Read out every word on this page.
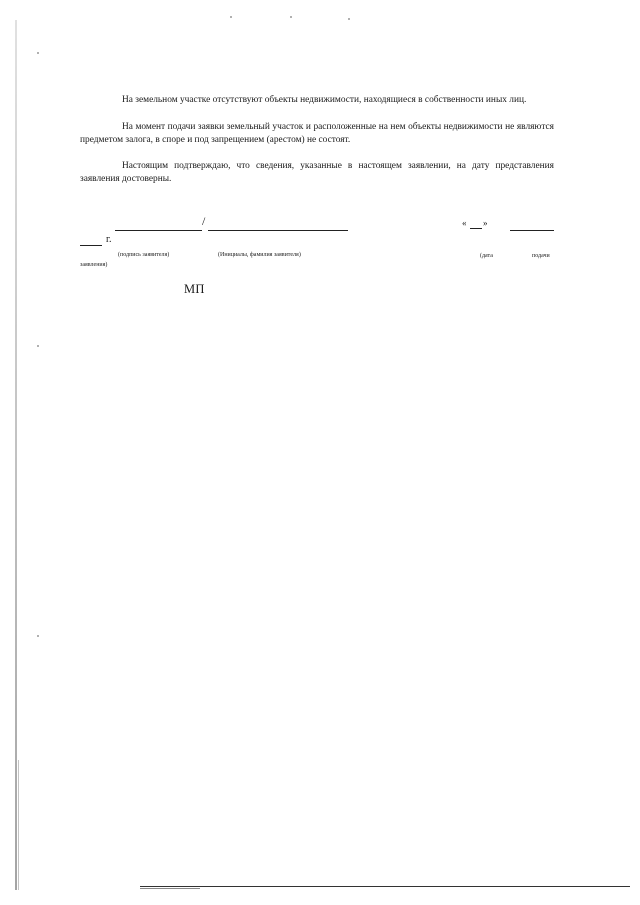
На земельном участке отсутствуют объекты недвижимости, находящиеся в собственности иных лиц.

На момент подачи заявки земельный участок и расположенные на нем объекты недвижимости не являются предметом залога, в споре и под запрещением (арестом) не состоят.

Настоящим подтверждаю, что сведения, указанные в настоящем заявлении, на дату представления заявления достоверны.

/	« »
г.
(подпись заявителя)	(Инициалы, фамилия заявителя)	(дата	подачи
заявления)
МП
